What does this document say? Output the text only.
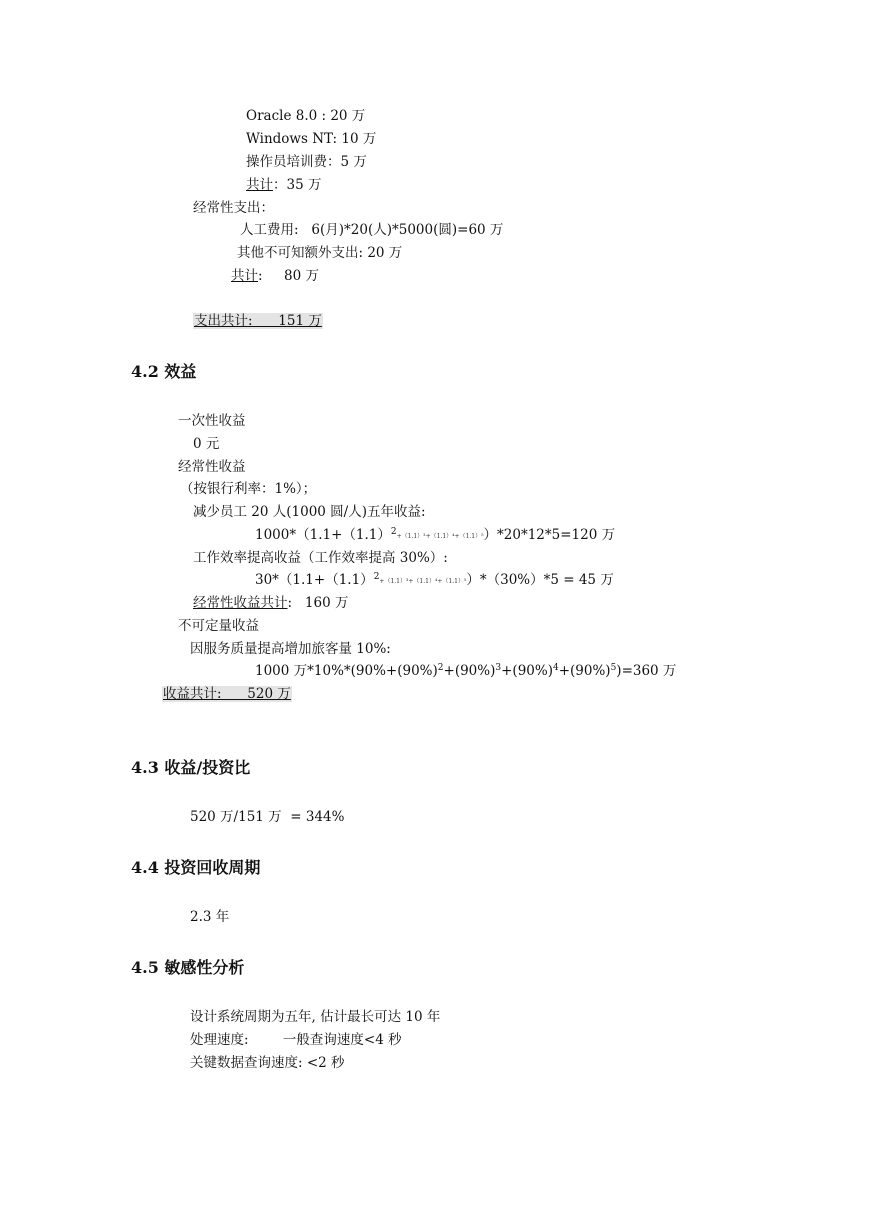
Oracle 8.0 : 20 万
Windows NT: 10 万
操作员培训费：5 万
共计：35 万
经常性支出：
人工费用:   6(月)*20(人)*5000(圆)=60 万
其他不可知额外支出: 20 万
共计:     80 万
支出共计:      151 万
4.2 效益
一次性收益
0 元
经常性收益
（按银行利率：1%）；
减少员工 20 人(1000 圆/人)五年收益:
$1000*(1.1+(1.1)^2+(1.1)^3+(1.1)^4+(1.1)^5)*20*12*5=120$ 万
工作效率提高收益（工作效率提高 30%）:
$30*(1.1+(1.1)^2+(1.1)^3+(1.1)^4+(1.1)^5)*(30\%)*5 = 45$ 万
经常性收益共计:   160 万
不可定量收益
因服务质量提高增加旅客量 10%:
1000 万$*10\%*(90\%+(90\%)^2+(90\%)^3+(90\%)^4+(90\%)^5)=360$ 万
收益共计:      520 万
4.3 收益/投资比
520 万/151 万  = 344%
4.4 投资回收周期
2.3 年
4.5 敏感性分析
设计系统周期为五年, 估计最长可达 10 年
处理速度:        一般查询速度<4 秒
关键数据查询速度: <2 秒
